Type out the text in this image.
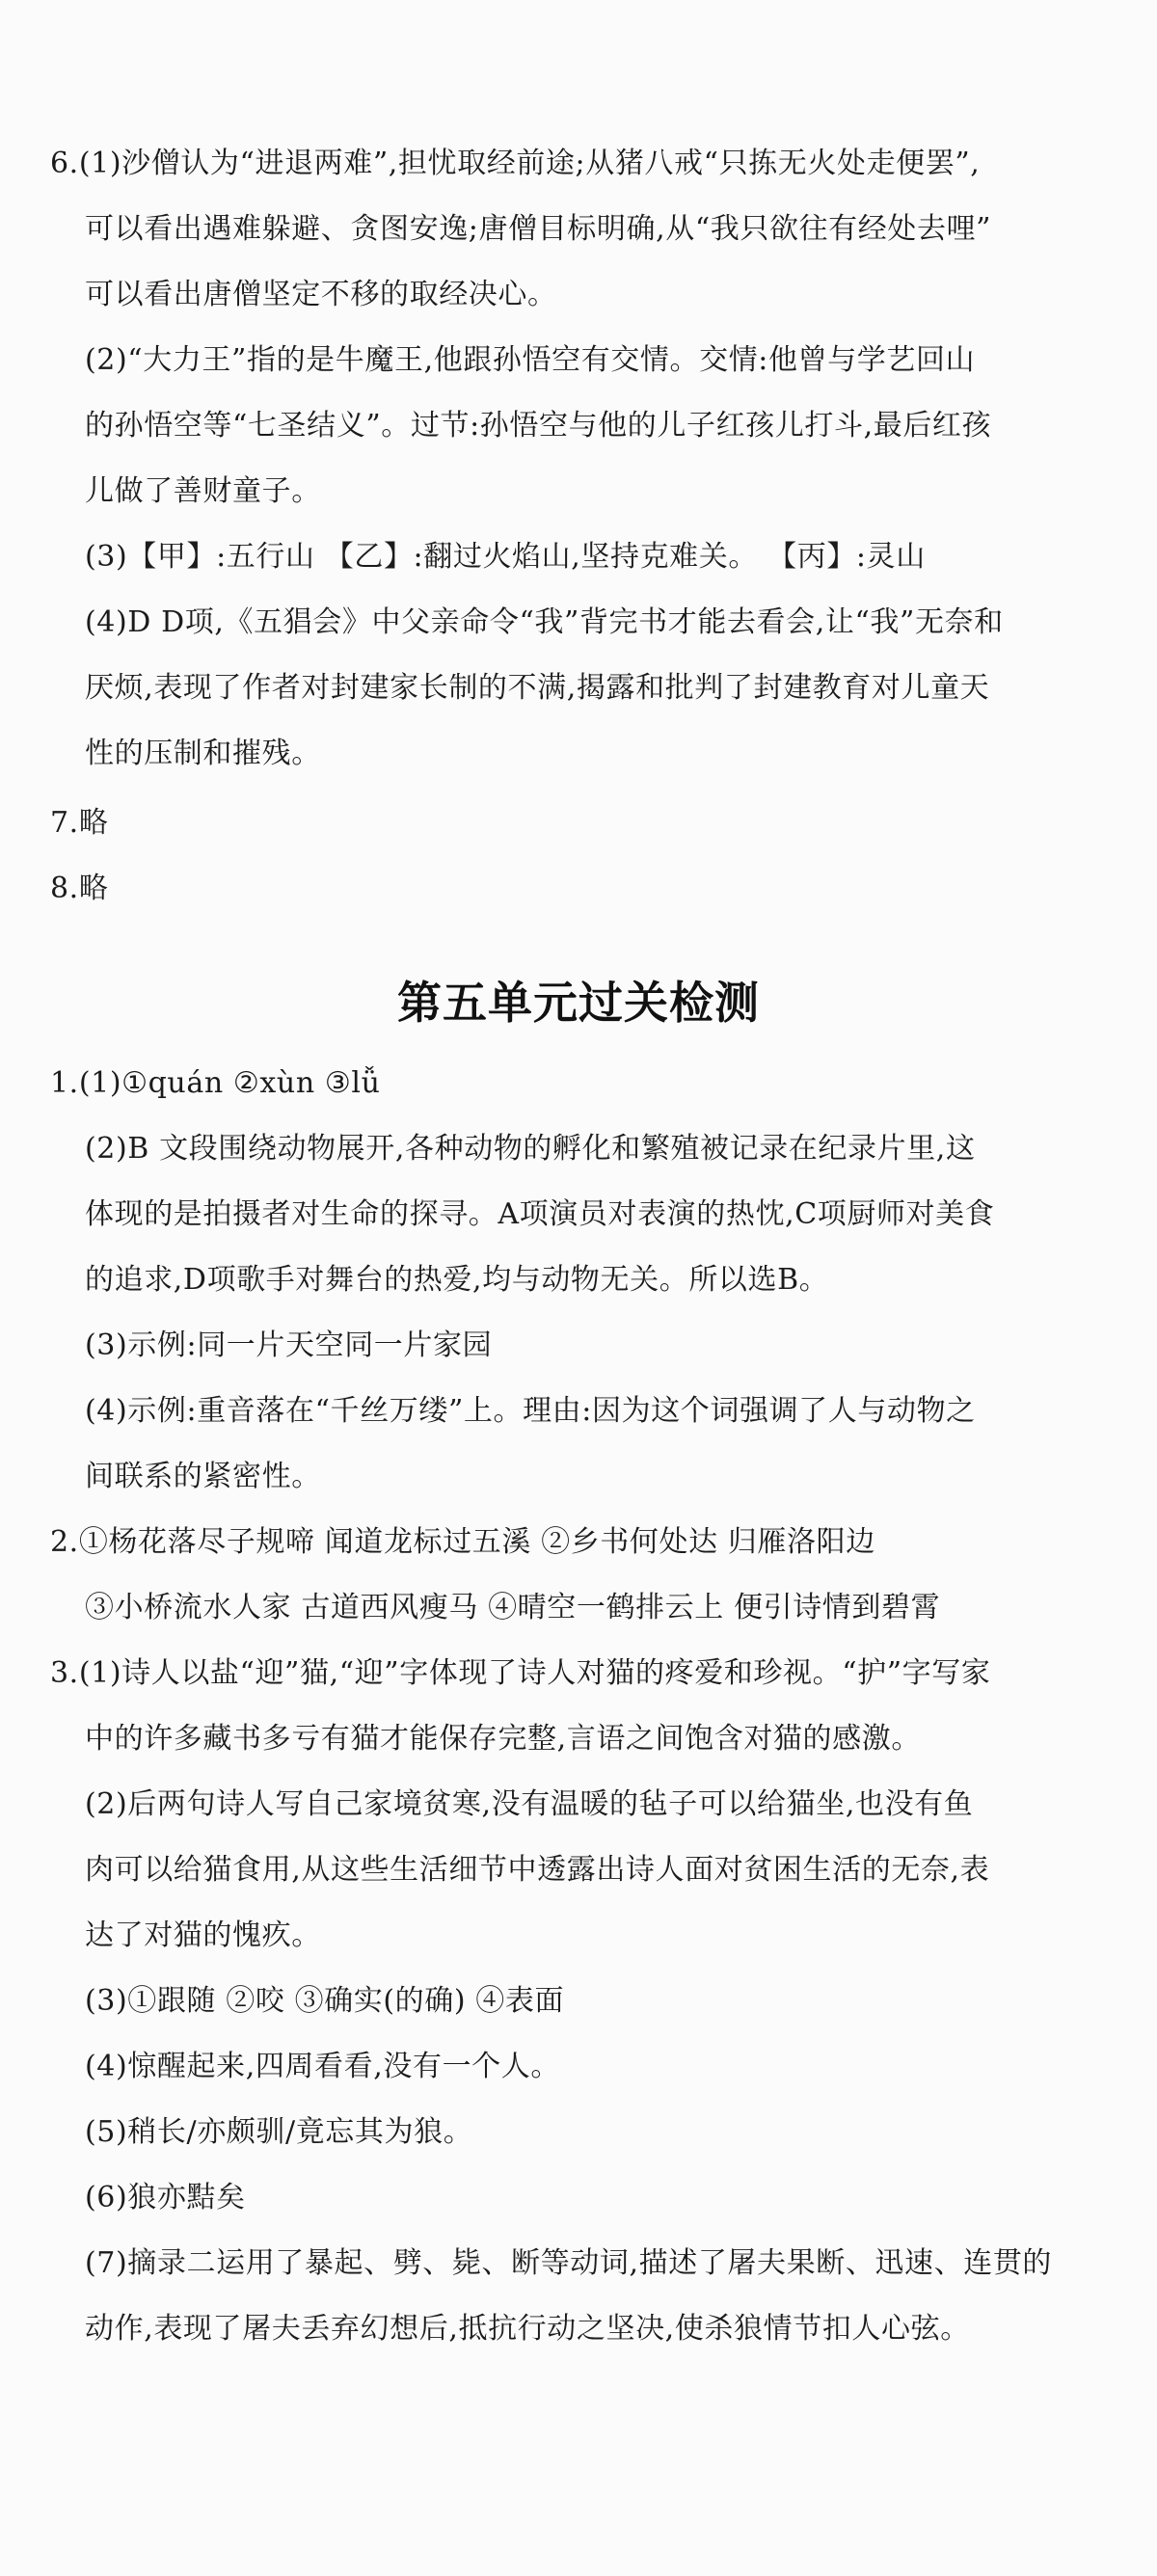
第五单元过关检测
6.(1)沙僧认为“进退两难”,担忧取经前途;从猪八戒“只拣无火处走便罢”,
可以看出遇难躲避、贪图安逸;唐僧目标明确,从“我只欲往有经处去哩”
可以看出唐僧坚定不移的取经决心。
(2)“大力王”指的是牛魔王,他跟孙悟空有交情。交情:他曾与学艺回山
的孙悟空等“七圣结义”。过节:孙悟空与他的儿子红孩儿打斗,最后红孩
儿做了善财童子。
(3)【甲】:五行山 【乙】:翻过火焰山,坚持克难关。 【丙】:灵山
(4)D D项,《五猖会》中父亲命令“我”背完书才能去看会,让“我”无奈和
厌烦,表现了作者对封建家长制的不满,揭露和批判了封建教育对儿童天
性的压制和摧残。
7.略
8.略
1.(1)①quán ②xùn ③lǚ
(2)B 文段围绕动物展开,各种动物的孵化和繁殖被记录在纪录片里,这
体现的是拍摄者对生命的探寻。A项演员对表演的热忱,C项厨师对美食
的追求,D项歌手对舞台的热爱,均与动物无关。所以选B。
(3)示例:同一片天空同一片家园
(4)示例:重音落在“千丝万缕”上。理由:因为这个词强调了人与动物之
间联系的紧密性。
2.①杨花落尽子规啼 闻道龙标过五溪 ②乡书何处达 归雁洛阳边
③小桥流水人家 古道西风瘦马 ④晴空一鹤排云上 便引诗情到碧霄
3.(1)诗人以盐“迎”猫,“迎”字体现了诗人对猫的疼爱和珍视。“护”字写家
中的许多藏书多亏有猫才能保存完整,言语之间饱含对猫的感激。
(2)后两句诗人写自己家境贫寒,没有温暖的毡子可以给猫坐,也没有鱼
肉可以给猫食用,从这些生活细节中透露出诗人面对贫困生活的无奈,表
达了对猫的愧疚。
(3)①跟随 ②咬 ③确实(的确) ④表面
(4)惊醒起来,四周看看,没有一个人。
(5)稍长/亦颇驯/竟忘其为狼。
(6)狼亦黠矣
(7)摘录二运用了暴起、劈、毙、断等动词,描述了屠夫果断、迅速、连贯的
动作,表现了屠夫丢弃幻想后,抵抗行动之坚决,使杀狼情节扣人心弦。
